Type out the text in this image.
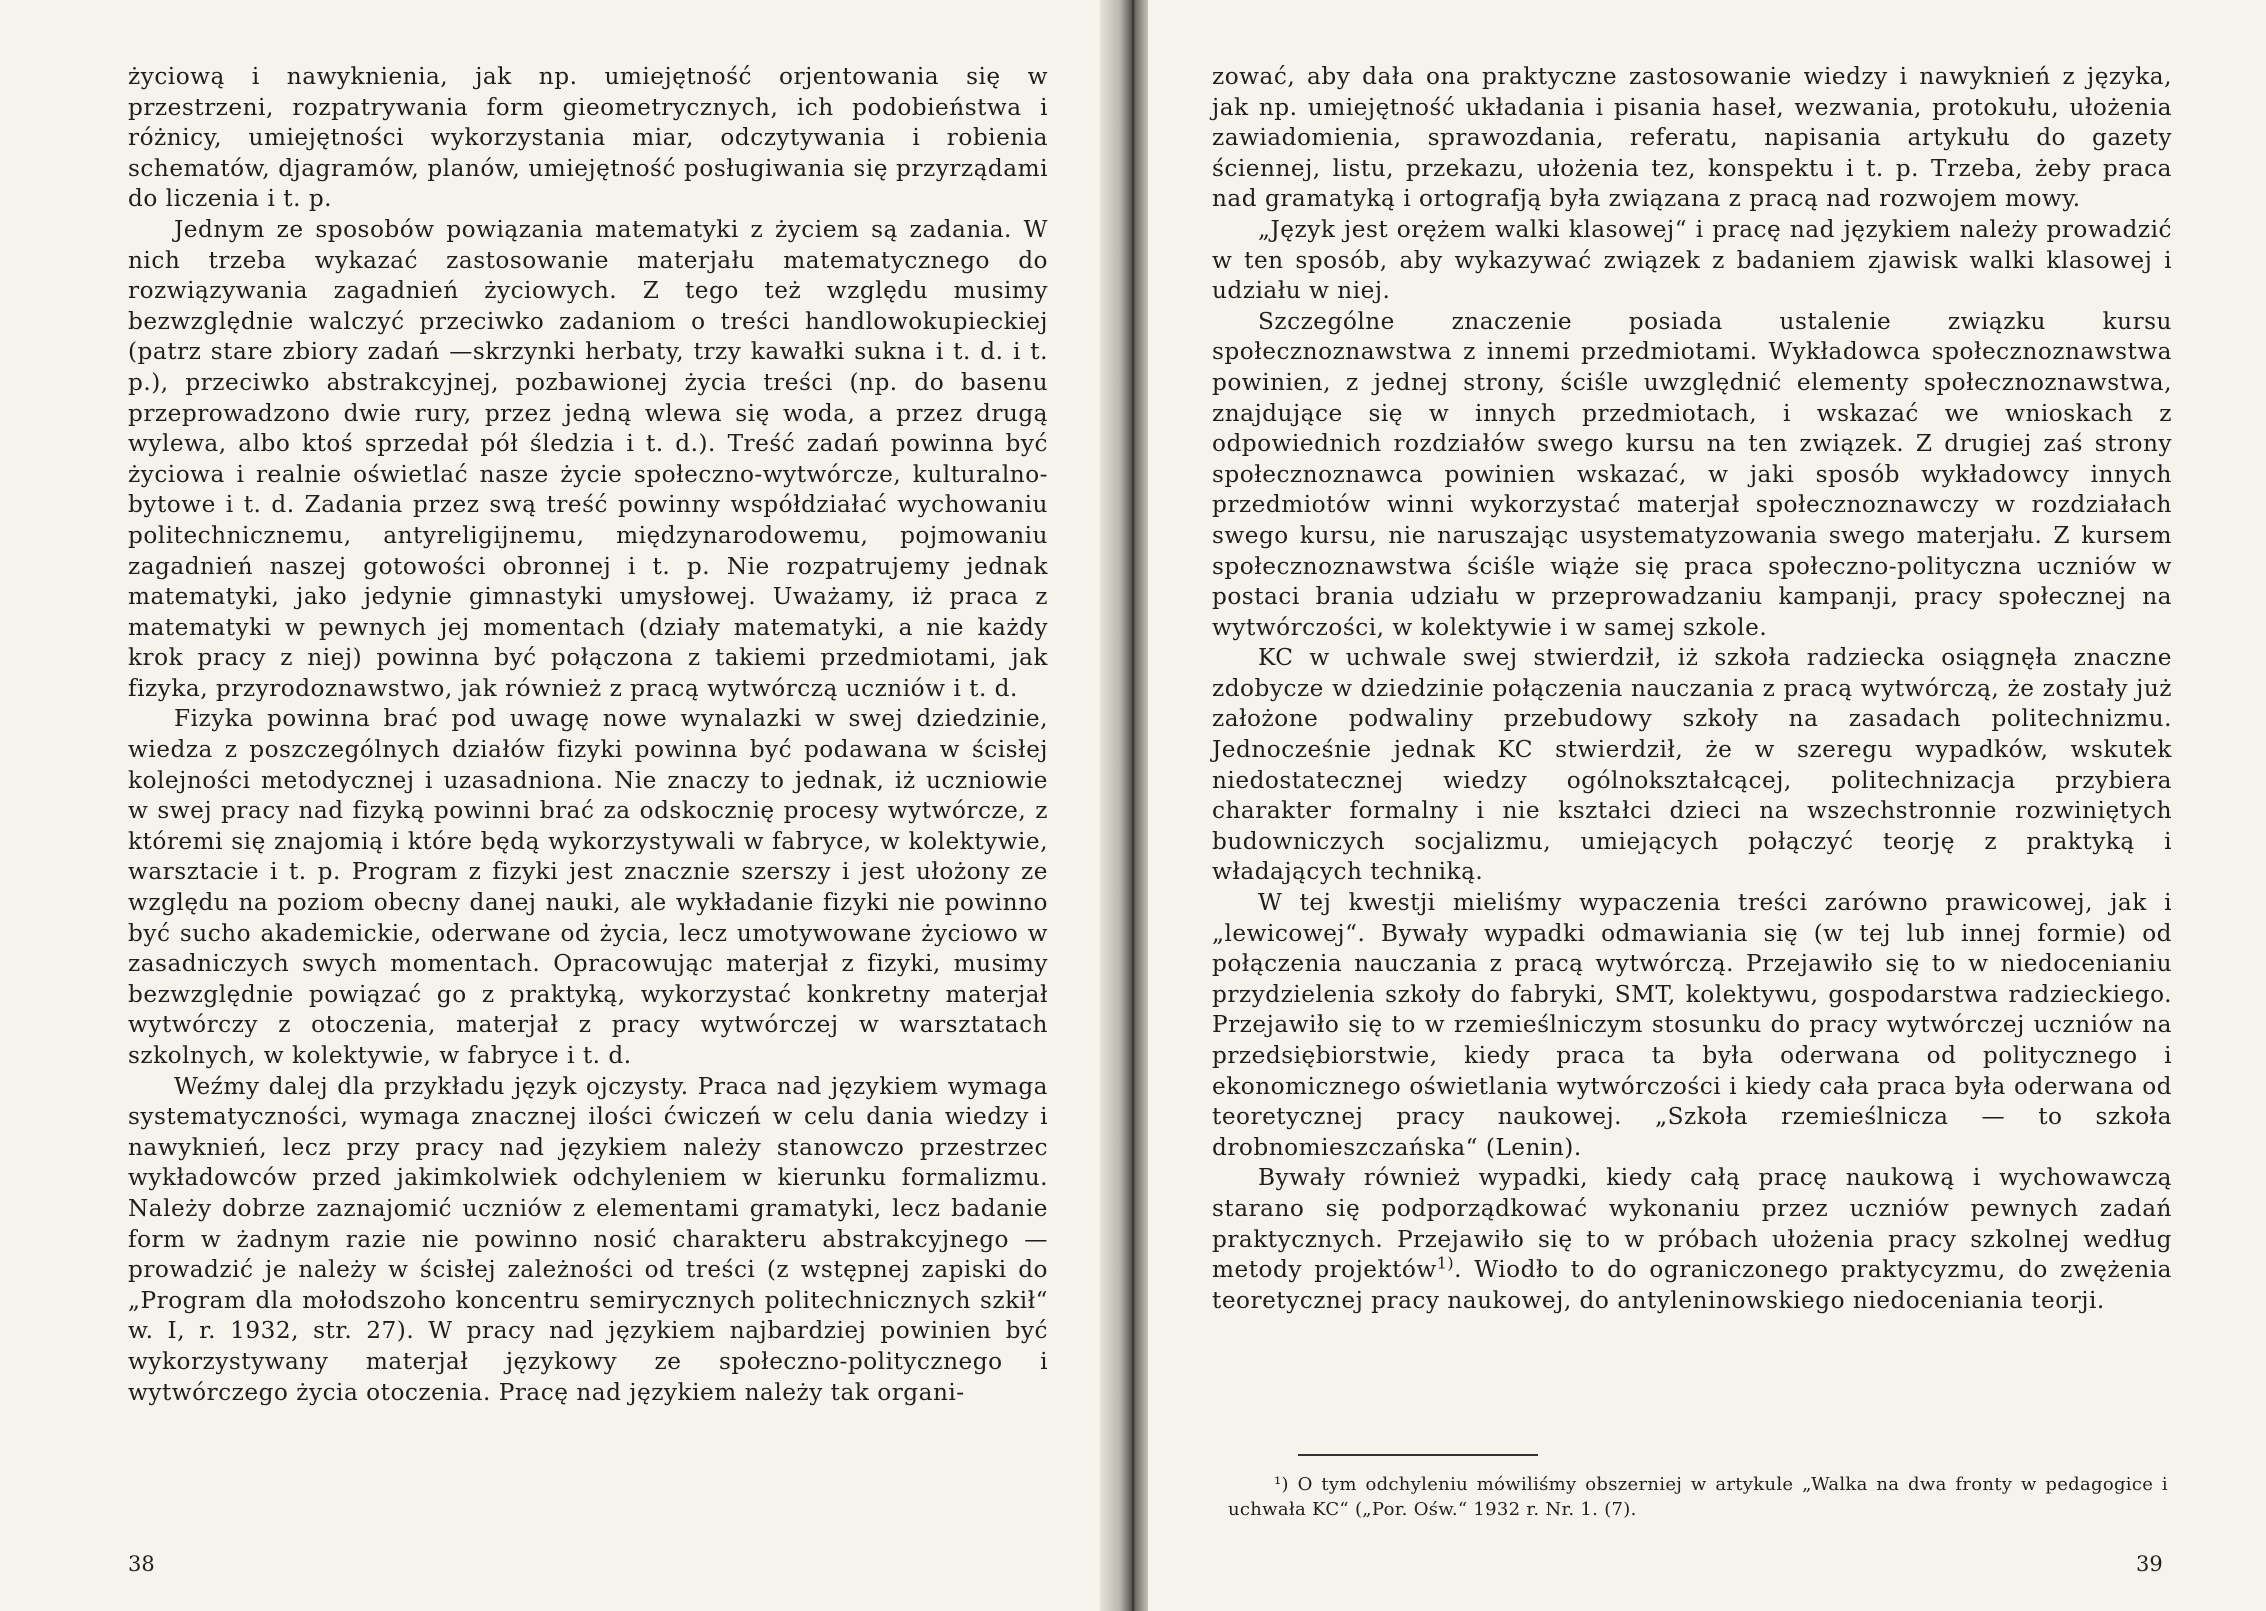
życiową i nawyknienia, jak np. umiejętność orjentowania się w przestrzeni, rozpatrywania form gieometrycznych, ich podobieństwa i różnicy, umiejętności wykorzystania miar, odczytywania i robienia schematów, djagramów, planów, umiejętność posługiwania się przyrządami do liczenia i t. p.

Jednym ze sposobów powiązania matematyki z życiem są zadania. W nich trzeba wykazać zastosowanie materjału matematycznego do rozwiązywania zagadnień życiowych. Z tego też względu musimy bezwzględnie walczyć przeciwko zadaniom o treści handlowokupieckiej (patrz stare zbiory zadań —skrzynki herbaty, trzy kawałki sukna i t. d. i t. p.), przeciwko abstrakcyjnej, pozbawionej życia treści (np. do basenu przeprowadzono dwie rury, przez jedną wlewa się woda, a przez drugą wylewa, albo ktoś sprzedał pół śledzia i t. d.). Treść zadań powinna być życiowa i realnie oświetlać nasze życie społeczno-wytwórcze, kulturalno-bytowe i t. d. Zadania przez swą treść powinny współdziałać wychowaniu politechnicznemu, antyreligijnemu, międzynarodowemu, pojmowaniu zagadnień naszej gotowości obronnej i t. p. Nie rozpatrujemy jednak matematyki, jako jedynie gimnastyki umysłowej. Uważamy, iż praca z matematyki w pewnych jej momentach (działy matematyki, a nie każdy krok pracy z niej) powinna być połączona z takiemi przedmiotami, jak fizyka, przyrodoznawstwo, jak również z pracą wytwórczą uczniów i t. d.

Fizyka powinna brać pod uwagę nowe wynalazki w swej dziedzinie, wiedza z poszczególnych działów fizyki powinna być podawana w ścisłej kolejności metodycznej i uzasadniona. Nie znaczy to jednak, iż uczniowie w swej pracy nad fizyką powinni brać za odskocznię procesy wytwórcze, z któremi się znajomią i które będą wykorzystywali w fabryce, w kolektywie, warsztacie i t. p. Program z fizyki jest znacznie szerszy i jest ułożony ze względu na poziom obecny danej nauki, ale wykładanie fizyki nie powinno być sucho akademickie, oderwane od życia, lecz umotywowane życiowo w zasadniczych swych momentach. Opracowując materjał z fizyki, musimy bezwzględnie powiązać go z praktyką, wykorzystać konkretny materjał wytwórczy z otoczenia, materjał z pracy wytwórczej w warsztatach szkolnych, w kolektywie, w fabryce i t. d.

Weźmy dalej dla przykładu język ojczysty. Praca nad językiem wymaga systematyczności, wymaga znacznej ilości ćwiczeń w celu dania wiedzy i nawyknień, lecz przy pracy nad językiem należy stanowczo przestrzec wykładowców przed jakimkolwiek odchyleniem w kierunku formalizmu. Należy dobrze zaznajomić uczniów z elementami gramatyki, lecz badanie form w żadnym razie nie powinno nosić charakteru abstrakcyjnego — prowadzić je należy w ścisłej zależności od treści (z wstępnej zapiski do „Program dla mołodszoho koncentru semirycznych politechnicznych szkił“ w. I, r. 1932, str. 27). W pracy nad językiem najbardziej powinien być wykorzystywany materjał językowy ze społeczno-politycznego i wytwórczego życia otoczenia. Pracę nad językiem należy tak organi-

38

zować, aby dała ona praktyczne zastosowanie wiedzy i nawyknień z języka, jak np. umiejętność układania i pisania haseł, wezwania, protokułu, ułożenia zawiadomienia, sprawozdania, referatu, napisania artykułu do gazety ściennej, listu, przekazu, ułożenia tez, konspektu i t. p. Trzeba, żeby praca nad gramatyką i ortografją była związana z pracą nad rozwojem mowy.

„Język jest orężem walki klasowej“ i pracę nad językiem należy prowadzić w ten sposób, aby wykazywać związek z badaniem zjawisk walki klasowej i udziału w niej.

Szczególne znaczenie posiada ustalenie związku kursu społecznoznawstwa z innemi przedmiotami. Wykładowca społecznoznawstwa powinien, z jednej strony, ściśle uwzględnić elementy społecznoznawstwa, znajdujące się w innych przedmiotach, i wskazać we wnioskach z odpowiednich rozdziałów swego kursu na ten związek. Z drugiej zaś strony społecznoznawca powinien wskazać, w jaki sposób wykładowcy innych przedmiotów winni wykorzystać materjał społecznoznawczy w rozdziałach swego kursu, nie naruszając usystematyzowania swego materjału. Z kursem społecznoznawstwa ściśle wiąże się praca społeczno-polityczna uczniów w postaci brania udziału w przeprowadzaniu kampanji, pracy społecznej na wytwórczości, w kolektywie i w samej szkole.

KC w uchwale swej stwierdził, iż szkoła radziecka osiągnęła znaczne zdobycze w dziedzinie połączenia nauczania z pracą wytwórczą, że zostały już założone podwaliny przebudowy szkoły na zasadach politechnizmu. Jednocześnie jednak KC stwierdził, że w szeregu wypadków, wskutek niedostatecznej wiedzy ogólnokształcącej, politechnizacja przybiera charakter formalny i nie kształci dzieci na wszechstronnie rozwiniętych budowniczych socjalizmu, umiejących połączyć teorję z praktyką i władających techniką.

W tej kwestji mieliśmy wypaczenia treści zarówno prawicowej, jak i „lewicowej“. Bywały wypadki odmawiania się (w tej lub innej formie) od połączenia nauczania z pracą wytwórczą. Przejawiło się to w niedocenianiu przydzielenia szkoły do fabryki, SMT, kolektywu, gospodarstwa radzieckiego. Przejawiło się to w rzemieślniczym stosunku do pracy wytwórczej uczniów na przedsiębiorstwie, kiedy praca ta była oderwana od politycznego i ekonomicznego oświetlania wytwórczości i kiedy cała praca była oderwana od teoretycznej pracy naukowej. „Szkoła rzemieślnicza — to szkoła drobnomieszczańska“ (Lenin).

Bywały również wypadki, kiedy całą pracę naukową i wychowawczą starano się podporządkować wykonaniu przez uczniów pewnych zadań praktycznych. Przejawiło się to w próbach ułożenia pracy szkolnej według metody projektów$^{1)}$. Wiodło to do ograniczonego praktycyzmu, do zwężenia teoretycznej pracy naukowej, do antyleninowskiego niedoceniania teorji.

¹) O tym odchyleniu mówiliśmy obszerniej w artykule „Walka na dwa fronty w pedagogice i uchwała KC“ („Por. Ośw.“ 1932 r. Nr. 1. (7).
39
